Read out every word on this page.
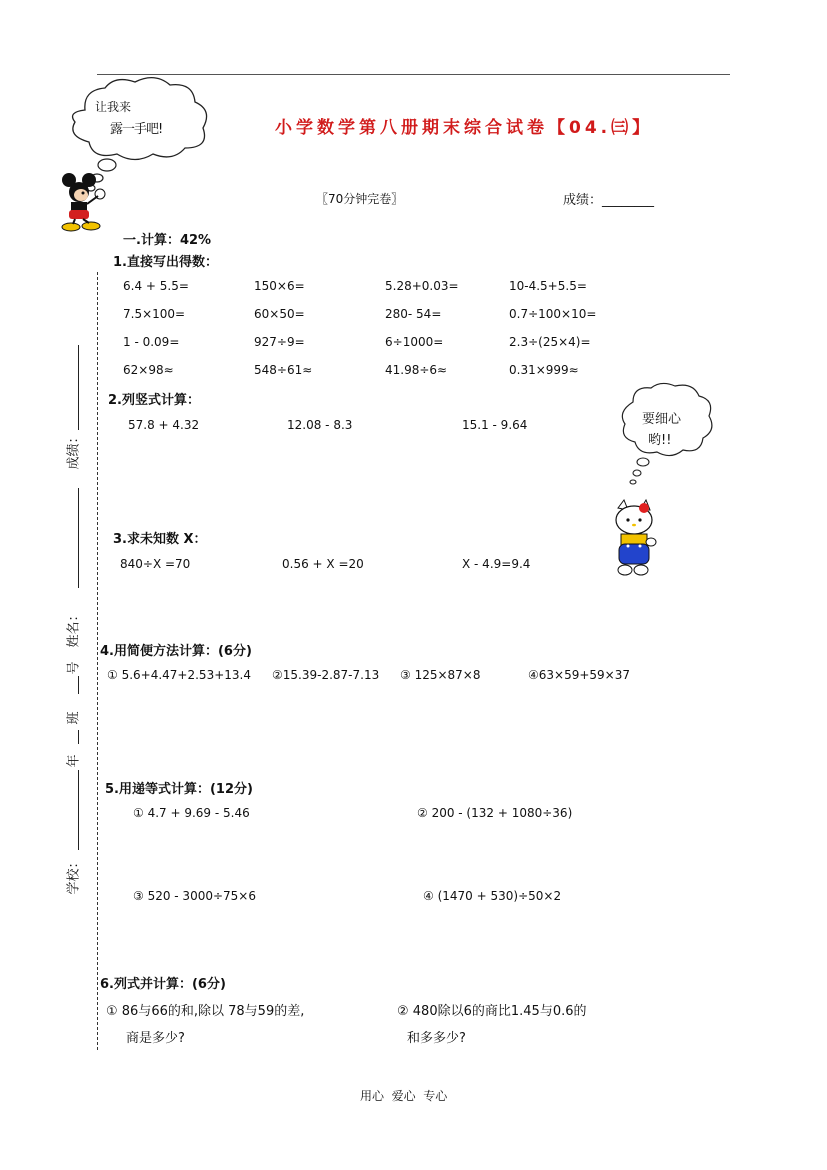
让我来
露一手吧!	小学数学第八册期末综合试卷【04.㈢】
〖70分钟完卷〗	成绩：________
成绩：
姓名：
号
班
年
学校：
一.计算：42%
1.直接写出得数：
6.4 + 5.5=	150×6=	5.28+0.03=	10-4.5+5.5=
7.5×100=	60×50=	280- 54=	0.7÷100×10=
1 - 0.09=	927÷9=	6÷1000=	2.3÷(25×4)=
62×98≈	548÷61≈	41.98÷6≈	0.31×999≈
2.列竖式计算：
57.8 + 4.32	12.08 - 8.3	15.1 - 9.64	要细心
哟!!
3.求未知数 X：
840÷X =70	0.56 + X =20	X - 4.9=9.4
4.用简便方法计算：(6分)
① 5.6+4.47+2.53+13.4 ②15.39-2.87-7.13 ③ 125×87×8	④63×59+59×37
5.用递等式计算：(12分)
① 4.7 + 9.69 - 5.46	② 200 - (132 + 1080÷36)
③ 520 - 3000÷75×6	④ (1470 + 530)÷50×2
6.列式并计算：(6分)
① 86与66的和,除以 78与59的差,
商是多少?
② 480除以6的商比1.45与0.6的
和多多少?
用心  爱心  专心
